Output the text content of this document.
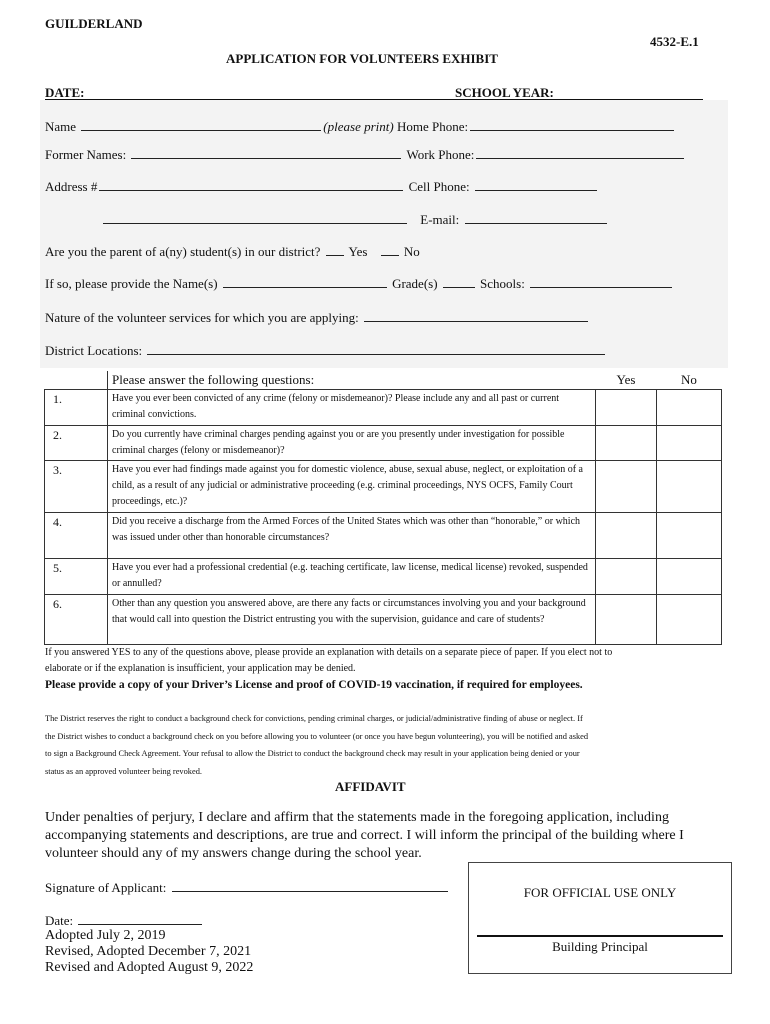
GUILDERLAND
4532-E.1
APPLICATION FOR VOLUNTEERS EXHIBIT
DATE:	SCHOOL YEAR:
Name	(please print) Home Phone:
Former Names:	Work Phone:
Address #	Cell Phone:
E-mail:
Are you the parent of a(ny) student(s) in our district? Yes	No
If so, please provide the Name(s)	Grade(s)	Schools:
Nature of the volunteer services for which you are applying:
District Locations:
	Please answer the following questions:	Yes	No
1.	Have you ever been convicted of any crime (felony or misdemeanor)? Please include any and all past or current criminal convictions.		
2.	Do you currently have criminal charges pending against you or are you presently under investigation for possible criminal charges (felony or misdemeanor)?		
3.	Have you ever had findings made against you for domestic violence, abuse, sexual abuse, neglect, or exploitation of a child, as a result of any judicial or administrative proceeding (e.g. criminal proceedings, NYS OCFS, Family Court proceedings, etc.)?		
4.	Did you receive a discharge from the Armed Forces of the United States which was other than “honorable,” or which was issued under other than honorable circumstances?		
5.	Have you ever had a professional credential (e.g. teaching certificate, law license, medical license) revoked, suspended or annulled?		
6.	Other than any question you answered above, are there any facts or circumstances involving you and your background that would call into question the District entrusting you with the supervision, guidance and care of students?		
If you answered YES to any of the questions above, please provide an explanation with details on a separate piece of paper. If you elect not to
elaborate or if the explanation is insufficient, your application may be denied.
Please provide a copy of your Driver’s License and proof of COVID-19 vaccination, if required for employees.
The District reserves the right to conduct a background check for convictions, pending criminal charges, or judicial/administrative finding of abuse or neglect. If
the District wishes to conduct a background check on you before allowing you to volunteer (or once you have begun volunteering), you will be notified and asked
to sign a Background Check Agreement. Your refusal to allow the District to conduct the background check may result in your application being denied or your
status as an approved volunteer being revoked.
AFFIDAVIT
Under penalties of perjury, I declare and affirm that the statements made in the foregoing application, including
accompanying statements and descriptions, are true and correct. I will inform the principal of the building where I
volunteer should any of my answers change during the school year.
Signature of Applicant:
Date:
Adopted July 2, 2019
Revised, Adopted December 7, 2021
Revised and Adopted August 9, 2022
FOR OFFICIAL USE ONLY
Building Principal
